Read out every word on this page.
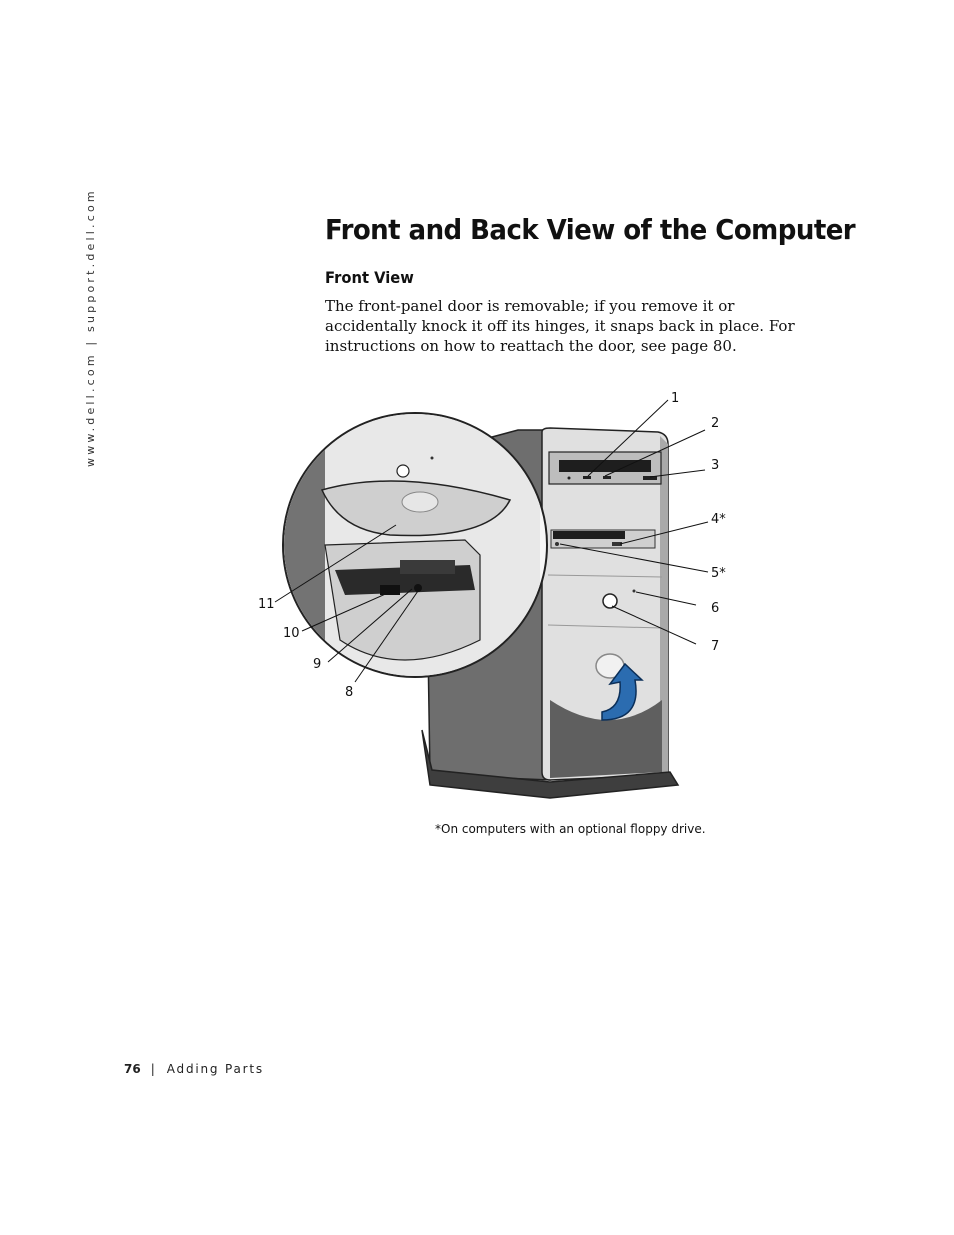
www.dell.com | support.dell.com	Front and Back View of the Computer
Front View

The front-panel door is removable; if you remove it or accidentally knock it off its hinges, it snaps back in place. For instructions on how to reattach the door, see page 80.

1
2
3
4*
5*
6
7
8
9
10
11

*On computers with an optional floppy drive.

76 | Adding Parts
